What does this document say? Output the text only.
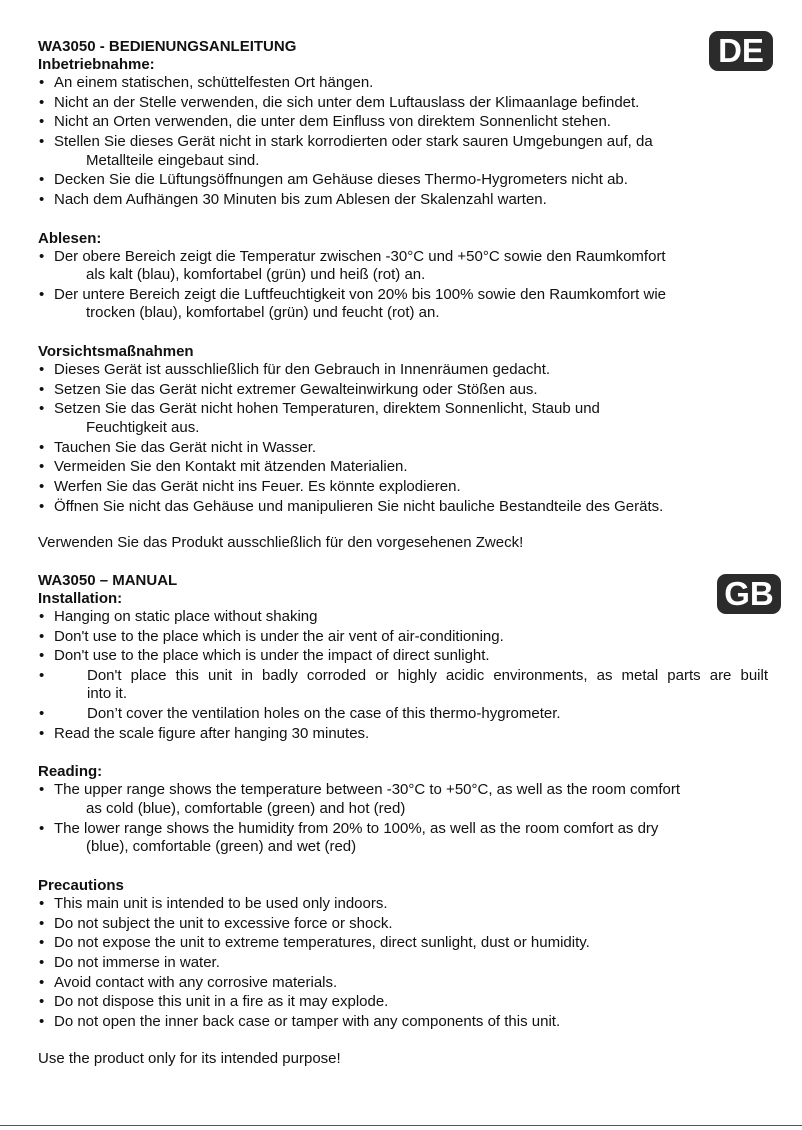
DE
GB
WA3050 - BEDIENUNGSANLEITUNG
Inbetriebnahme:
• An einem statischen, schüttelfesten Ort hängen.
• Nicht an der Stelle verwenden, die sich unter dem Luftauslass der Klimaanlage befindet.
• Nicht an Orten verwenden, die unter dem Einfluss von direktem Sonnenlicht stehen.
• Stellen Sie dieses Gerät nicht in stark korrodierten oder stark sauren Umgebungen auf, da
Metallteile eingebaut sind.
• Decken Sie die Lüftungsöffnungen am Gehäuse dieses Thermo-Hygrometers nicht ab.
• Nach dem Aufhängen 30 Minuten bis zum Ablesen der Skalenzahl warten.
Ablesen:
• Der obere Bereich zeigt die Temperatur zwischen -30°C und +50°C sowie den Raumkomfort
als kalt (blau), komfortabel (grün) und heiß (rot) an.
• Der untere Bereich zeigt die Luftfeuchtigkeit von 20% bis 100% sowie den Raumkomfort wie
trocken (blau), komfortabel (grün) und feucht (rot) an.
Vorsichtsmaßnahmen
• Dieses Gerät ist ausschließlich für den Gebrauch in Innenräumen gedacht.
• Setzen Sie das Gerät nicht extremer Gewalteinwirkung oder Stößen aus.
• Setzen Sie das Gerät nicht hohen Temperaturen, direktem Sonnenlicht, Staub und
Feuchtigkeit aus.
• Tauchen Sie das Gerät nicht in Wasser.
• Vermeiden Sie den Kontakt mit ätzenden Materialien.
• Werfen Sie das Gerät nicht ins Feuer. Es könnte explodieren.
• Öffnen Sie nicht das Gehäuse und manipulieren Sie nicht bauliche Bestandteile des Geräts.
Verwenden Sie das Produkt ausschließlich für den vorgesehenen Zweck!
WA3050 – MANUAL
Installation:
• Hanging on static place without shaking
• Don't use to the place which is under the air vent of air-conditioning.
• Don't use to the place which is under the impact of direct sunlight.
• Don't place this unit in badly corroded or highly acidic environments, as metal parts are built
into it.
• Don’t cover the ventilation holes on the case of this thermo-hygrometer.
• Read the scale figure after hanging 30 minutes.
Reading:
• The upper range shows the temperature between -30°C to +50°C, as well as the room comfort
as cold (blue), comfortable (green) and hot (red)
• The lower range shows the humidity from 20% to 100%, as well as the room comfort as dry
(blue), comfortable (green) and wet (red)
Precautions
• This main unit is intended to be used only indoors.
• Do not subject the unit to excessive force or shock.
• Do not expose the unit to extreme temperatures, direct sunlight, dust or humidity.
• Do not immerse in water.
• Avoid contact with any corrosive materials.
• Do not dispose this unit in a fire as it may explode.
• Do not open the inner back case or tamper with any components of this unit.
Use the product only for its intended purpose!
